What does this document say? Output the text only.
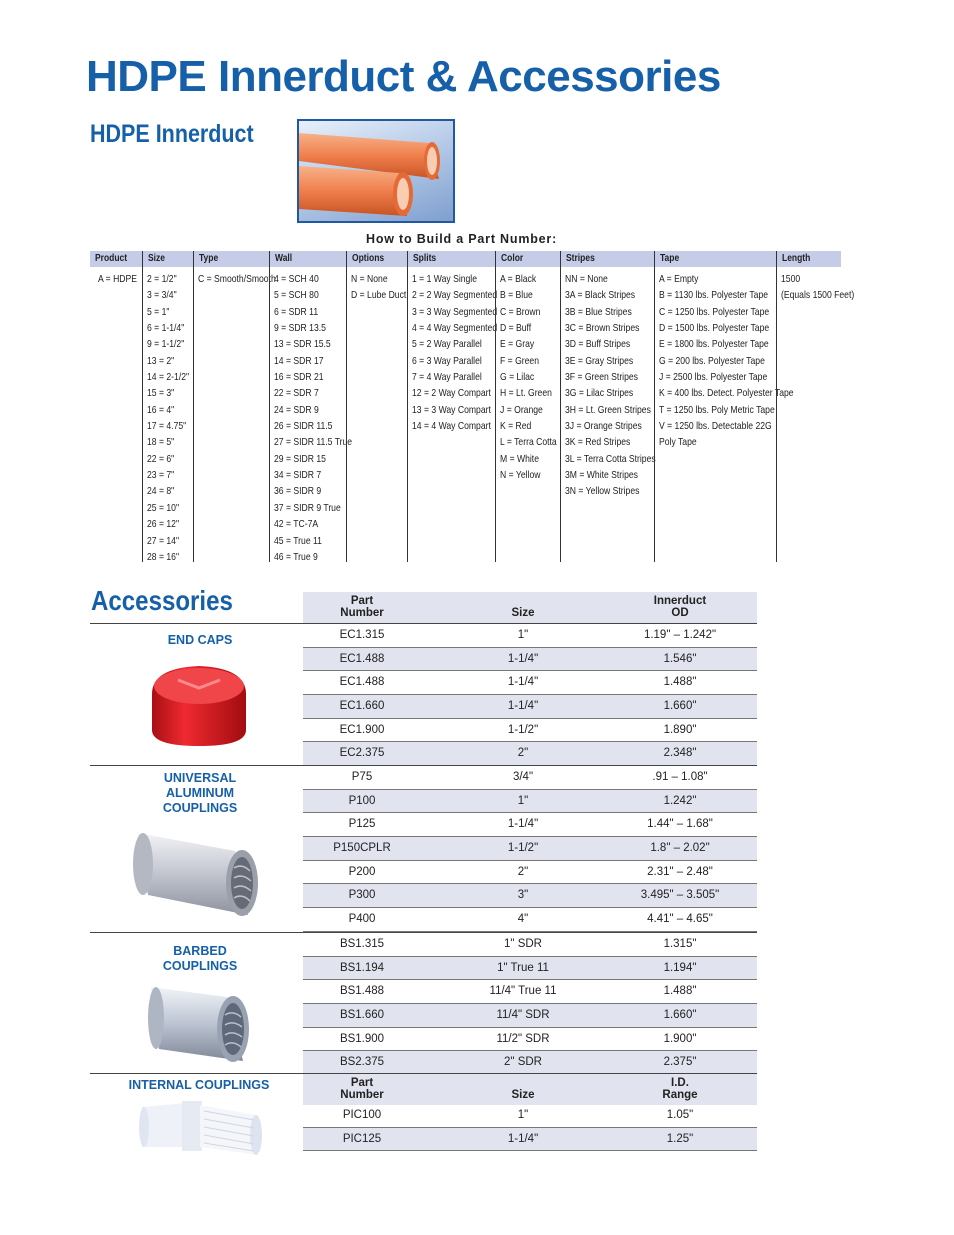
HDPE Innerduct & Accessories
HDPE Innerduct
How to Build a Part Number:
Product
A = HDPE
Size
2 = 1/2"
3 = 3/4"
5 = 1"
6 = 1-1/4"
9 = 1-1/2"
13 = 2"
14 = 2-1/2"
15 = 3"
16 = 4"
17 = 4.75"
18 = 5"
22 = 6"
23 = 7"
24 = 8"
25 = 10"
26 = 12"
27 = 14"
28 = 16"
Type
C = Smooth/Smooth
Wall
4 = SCH 40
5 = SCH 80
6 = SDR 11
9 = SDR 13.5
13 = SDR 15.5
14 = SDR 17
16 = SDR 21
22 = SDR 7
24 = SDR 9
26 = SIDR 11.5
27 = SIDR 11.5 True
29 = SIDR 15
34 = SIDR 7
36 = SIDR 9
37 = SIDR 9 True
42 = TC-7A
45 = True 11
46 = True 9
Options
N = None
D = Lube Duct
Splits
1 = 1 Way Single
2 = 2 Way Segmented
3 = 3 Way Segmented
4 = 4 Way Segmented
5 = 2 Way Parallel
6 = 3 Way Parallel
7 = 4 Way Parallel
12 = 2 Way Compart
13 = 3 Way Compart
14 = 4 Way Compart
Color
A = Black
B = Blue
C = Brown
D = Buff
E = Gray
F = Green
G = Lilac
H = Lt. Green
J = Orange
K = Red
L = Terra Cotta
M = White
N = Yellow
Stripes
NN = None
3A = Black Stripes
3B = Blue Stripes
3C = Brown Stripes
3D = Buff Stripes
3E = Gray Stripes
3F = Green Stripes
3G = Lilac Stripes
3H = Lt. Green Stripes
3J = Orange Stripes
3K = Red Stripes
3L = Terra Cotta Stripes
3M = White Stripes
3N = Yellow Stripes
Tape
A = Empty
B = 1130 lbs. Polyester Tape
C = 1250 lbs. Polyester Tape
D = 1500 lbs. Polyester Tape
E = 1800 lbs. Polyester Tape
G = 200 lbs. Polyester Tape
J = 2500 lbs. Polyester Tape
K = 400 lbs. Detect. Polyester Tape
T = 1250 lbs. Poly Metric Tape
V = 1250 lbs. Detectable 22G
Poly Tape
Length
1500
(Equals 1500 Feet)
Accessories	Part
Number	Size
Innerduct
OD
END CAPS	EC1.315	1"	1.19" – 1.242"
EC1.488	1-1/4"	1.546"
EC1.488	1-1/4"	1.488"
EC1.660	1-1/4"	1.660"
EC1.900	1-1/2"	1.890"
EC2.375	2"	2.348"
UNIVERSAL
ALUMINUM
COUPLINGS
P75	3/4"	.91 – 1.08"
P100	1"	1.242"
P125	1-1/4"	1.44" – 1.68"
P150CPLR	1-1/2"	1.8" – 2.02"
P200	2"	2.31" – 2.48"
P300	3"	3.495" – 3.505"
P400	4"	4.41" – 4.65"
BARBED
COUPLINGS
BS1.315	1" SDR	1.315"
BS1.194	1" True 11	1.194"
BS1.488	11/4" True 11	1.488"
BS1.660	11/4" SDR	1.660"
BS1.900	11/2" SDR	1.900"
BS2.375	2" SDR	2.375"
INTERNAL COUPLINGS	Part
Number	Size
I.D.
Range
PIC100	1"	1.05"
PIC125	1-1/4"	1.25"
